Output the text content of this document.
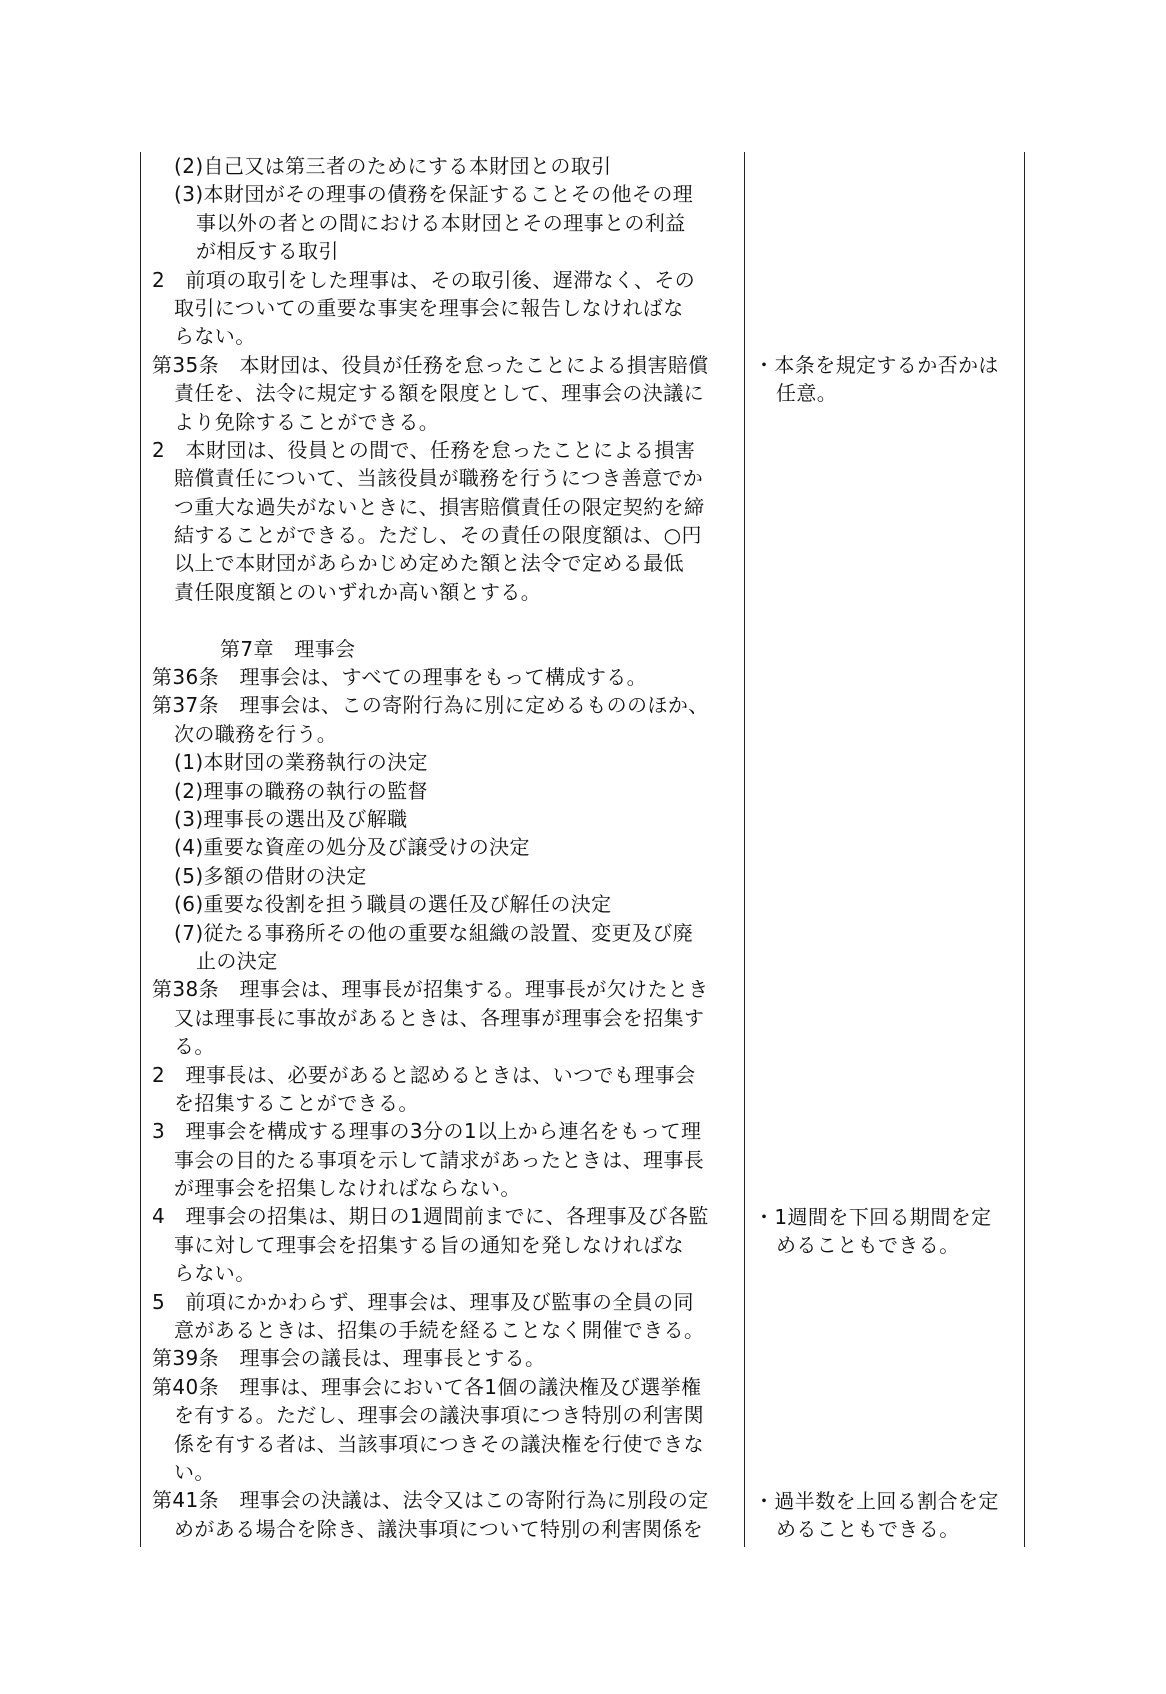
(2)自己又は第三者のためにする本財団との取引
(3)本財団がその理事の債務を保証することその他その理
事以外の者との間における本財団とその理事との利益
が相反する取引
2　前項の取引をした理事は、その取引後、遅滞なく、その
取引についての重要な事実を理事会に報告しなければな
らない。
第35条　本財団は、役員が任務を怠ったことによる損害賠償
責任を、法令に規定する額を限度として、理事会の決議に
より免除することができる。
2　本財団は、役員との間で、任務を怠ったことによる損害
賠償責任について、当該役員が職務を行うにつき善意でか
つ重大な過失がないときに、損害賠償責任の限定契約を締
結することができる。ただし、その責任の限度額は、○円
以上で本財団があらかじめ定めた額と法令で定める最低
責任限度額とのいずれか高い額とする。
第7章　理事会
第36条　理事会は、すべての理事をもって構成する。
第37条　理事会は、この寄附行為に別に定めるもののほか、
次の職務を行う。
(1)本財団の業務執行の決定
(2)理事の職務の執行の監督
(3)理事長の選出及び解職
(4)重要な資産の処分及び譲受けの決定
(5)多額の借財の決定
(6)重要な役割を担う職員の選任及び解任の決定
(7)従たる事務所その他の重要な組織の設置、変更及び廃
止の決定
第38条　理事会は、理事長が招集する。理事長が欠けたとき
又は理事長に事故があるときは、各理事が理事会を招集す
る。
2　理事長は、必要があると認めるときは、いつでも理事会
を招集することができる。
3　理事会を構成する理事の3分の1以上から連名をもって理
事会の目的たる事項を示して請求があったときは、理事長
が理事会を招集しなければならない。
4　理事会の招集は、期日の1週間前までに、各理事及び各監
事に対して理事会を招集する旨の通知を発しなければな
らない。
5　前項にかかわらず、理事会は、理事及び監事の全員の同
意があるときは、招集の手続を経ることなく開催できる。
第39条　理事会の議長は、理事長とする。
第40条　理事は、理事会において各1個の議決権及び選挙権
を有する。ただし、理事会の議決事項につき特別の利害関
係を有する者は、当該事項につきその議決権を行使できな
い。
第41条　理事会の決議は、法令又はこの寄附行為に別段の定
めがある場合を除き、議決事項について特別の利害関係を
・本条を規定するか否かは
任意。
・1週間を下回る期間を定
めることもできる。
・過半数を上回る割合を定
めることもできる。
